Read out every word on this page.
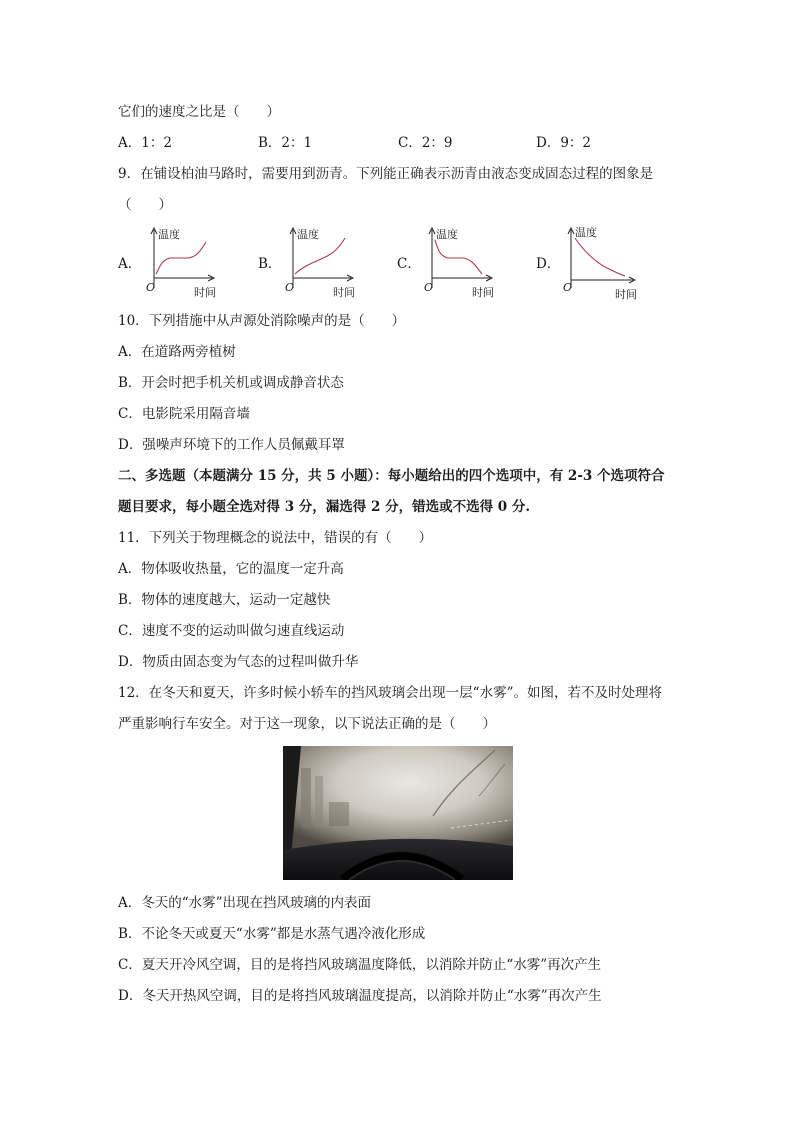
它们的速度之比是（　　）
A．1：2	B．2：1	C．2：9	D．9：2
9．在铺设柏油马路时，需要用到沥青。下列能正确表示沥青由液态变成固态过程的图象是
（　　）
A．	B．	C．	D．
温度
O	时间
温度
O	时间
温度
O	时间
温度
O
时间
10．下列措施中从声源处消除噪声的是（　　）
A．在道路两旁植树
B．开会时把手机关机或调成静音状态
C．电影院采用隔音墙
D．强噪声环境下的工作人员佩戴耳罩
二、多选题（本题满分 15 分，共 5 小题）：每小题给出的四个选项中，有 2-3 个选项符合
题目要求，每小题全选对得 3 分，漏选得 2 分，错选或不选得 0 分.
11．下列关于物理概念的说法中，错误的有（　　）
A．物体吸收热量，它的温度一定升高
B．物体的速度越大，运动一定越快
C．速度不变的运动叫做匀速直线运动
D．物质由固态变为气态的过程叫做升华
12．在冬天和夏天，许多时候小轿车的挡风玻璃会出现一层“水雾”。如图，若不及时处理将
严重影响行车安全。对于这一现象，以下说法正确的是（　　）
A．冬天的“水雾”出现在挡风玻璃的内表面
B．不论冬天或夏天“水雾”都是水蒸气遇冷液化形成
C．夏天开冷风空调，目的是将挡风玻璃温度降低，以消除并防止“水雾”再次产生
D．冬天开热风空调，目的是将挡风玻璃温度提高，以消除并防止“水雾”再次产生
